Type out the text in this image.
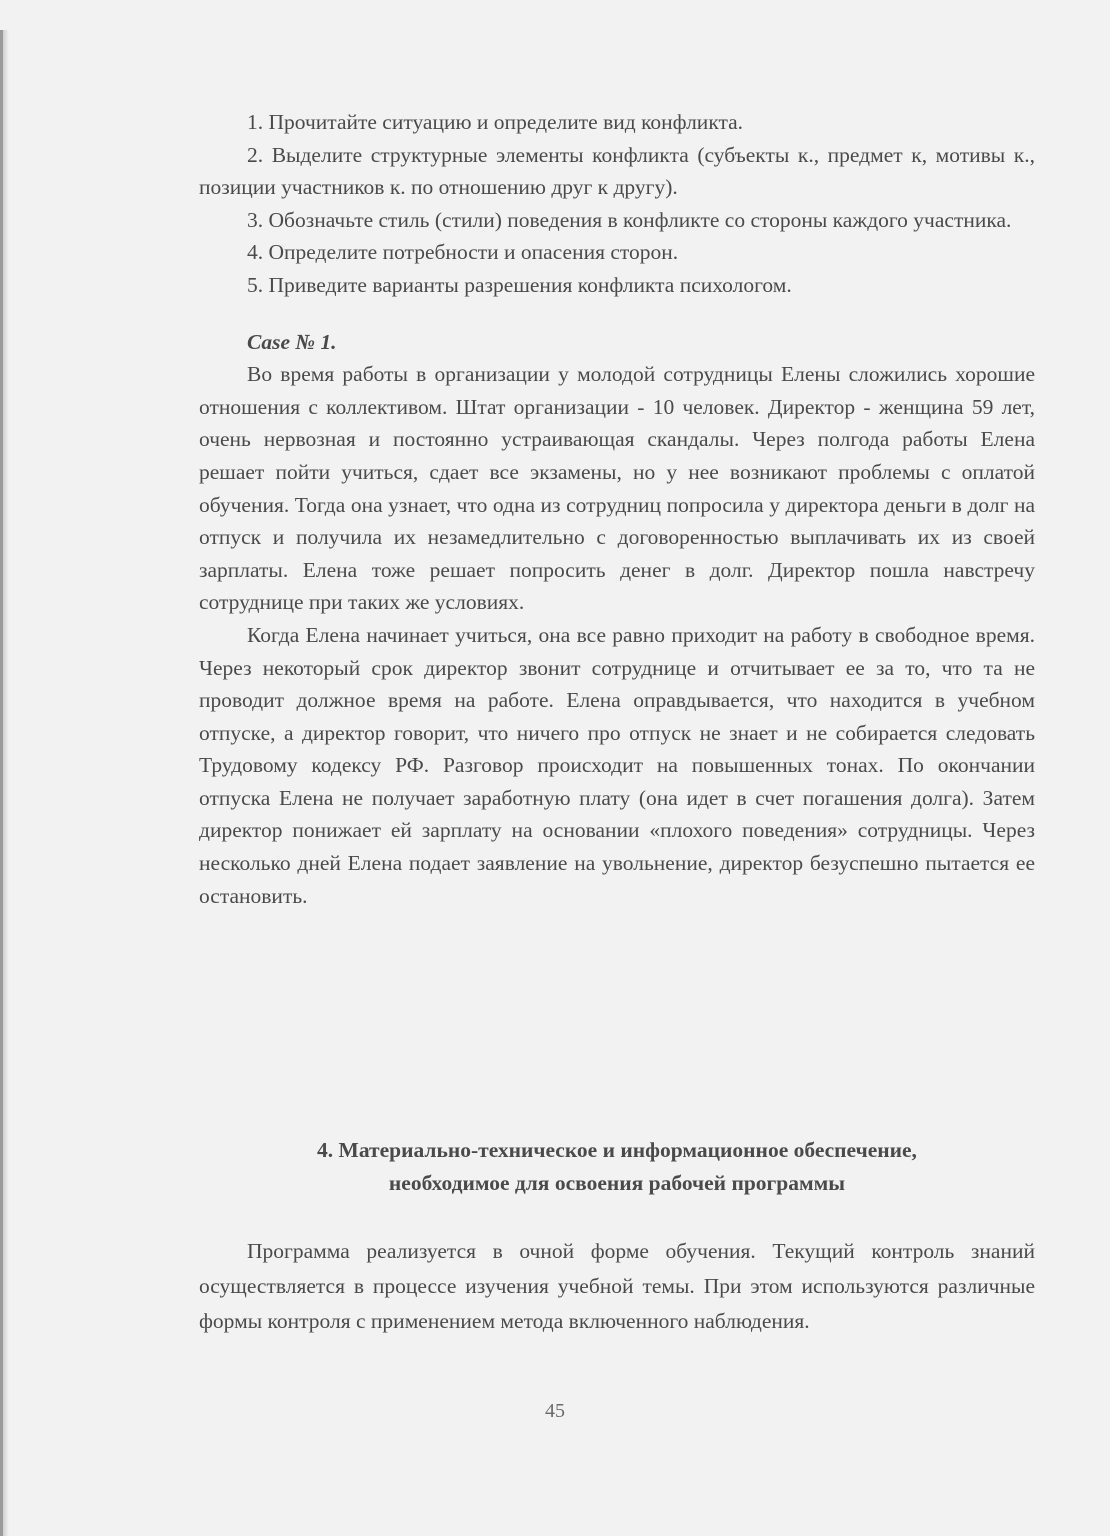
1. Прочитайте ситуацию и определите вид конфликта.

2. Выделите структурные элементы конфликта (субъекты к., предмет к, мотивы к., позиции участников к. по отношению друг к другу).

3. Обозначьте стиль (стили) поведения в конфликте со стороны каждого участника.

4. Определите потребности и опасения сторон.

5. Приведите варианты разрешения конфликта психологом.

Case № 1.

Во время работы в организации у молодой сотрудницы Елены сложились хорошие отношения с коллективом. Штат организации - 10 человек. Директор - женщина 59 лет, очень нервозная и постоянно устраивающая скандалы. Через полгода работы Елена решает пойти учиться, сдает все экзамены, но у нее возникают проблемы с оплатой обучения. Тогда она узнает, что одна из сотрудниц попросила у директора деньги в долг на отпуск и получила их незамедлительно с договоренностью выплачивать их из своей зарплаты. Елена тоже решает попросить денег в долг. Директор пошла навстречу сотруднице при таких же условиях.

Когда Елена начинает учиться, она все равно приходит на работу в свободное время. Через некоторый срок директор звонит сотруднице и отчитывает ее за то, что та не проводит должное время на работе. Елена оправдывается, что находится в учебном отпуске, а директор говорит, что ничего про отпуск не знает и не собирается следовать Трудовому кодексу РФ. Разговор происходит на повышенных тонах. По окончании отпуска Елена не получает заработную плату (она идет в счет погашения долга). Затем директор понижает ей зарплату на основании «плохого поведения» сотрудницы. Через несколько дней Елена подает заявление на увольнение, директор безуспешно пытается ее остановить.

4. Материально-техническое и информационное обеспечение,
необходимое для освоения рабочей программы

Программа реализуется в очной форме обучения. Текущий контроль знаний осуществляется в процессе изучения учебной темы. При этом используются различные формы контроля с применением метода включенного наблюдения.

45
